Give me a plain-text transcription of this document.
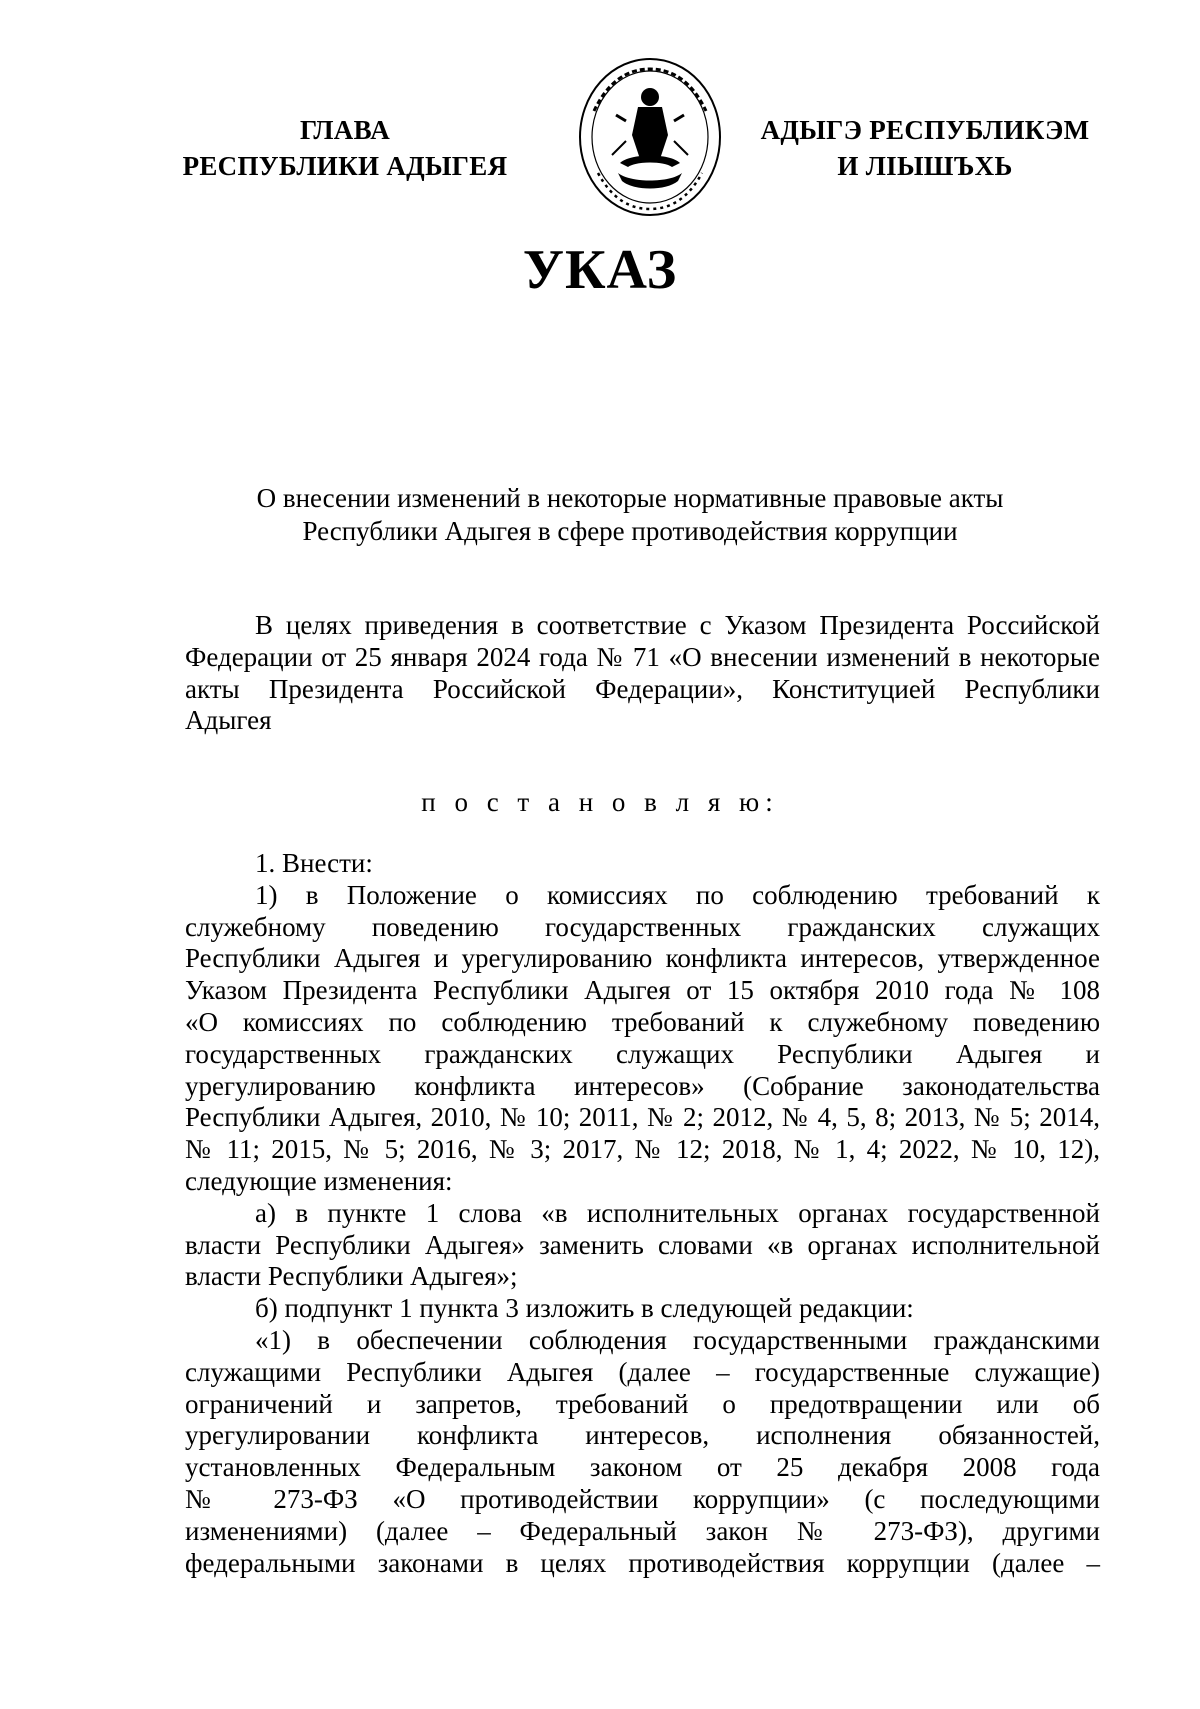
ГЛАВА
РЕСПУБЛИКИ АДЫГЕЯ
АДЫГЭ РЕСПУБЛИКЭМ
И ЛIЫШЪХЬ
УКАЗ
О внесении изменений в некоторые нормативные правовые акты
Республики Адыгея в сфере противодействия коррупции
В целях приведения в соответствие с Указом Президента Российской
Федерации от 25 января 2024 года № 71 «О внесении изменений в некоторые
акты Президента Российской Федерации», Конституцией Республики
Адыгея
п о с т а н о в л я ю:
1. Внести:
1) в Положение о комиссиях по соблюдению требований к
служебному поведению государственных гражданских служащих
Республики Адыгея и урегулированию конфликта интересов, утвержденное
Указом Президента Республики Адыгея от 15 октября 2010 года № 108
«О комиссиях по соблюдению требований к служебному поведению
государственных гражданских служащих Республики Адыгея и
урегулированию конфликта интересов» (Собрание законодательства
Республики Адыгея, 2010, № 10; 2011, № 2; 2012, № 4, 5, 8; 2013, № 5; 2014,
№ 11; 2015, № 5; 2016, № 3; 2017, № 12; 2018, № 1, 4; 2022, № 10, 12),
следующие изменения:
а) в пункте 1 слова «в исполнительных органах государственной
власти Республики Адыгея» заменить словами «в органах исполнительной
власти Республики Адыгея»;
б) подпункт 1 пункта 3 изложить в следующей редакции:
«1) в обеспечении соблюдения государственными гражданскими
служащими Республики Адыгея (далее – государственные служащие)
ограничений и запретов, требований о предотвращении или об
урегулировании конфликта интересов, исполнения обязанностей,
установленных Федеральным законом от 25 декабря 2008 года
№ 273-ФЗ «О противодействии коррупции» (с последующими
изменениями) (далее – Федеральный закон № 273-ФЗ), другими
федеральными законами в целях противодействия коррупции (далее –
